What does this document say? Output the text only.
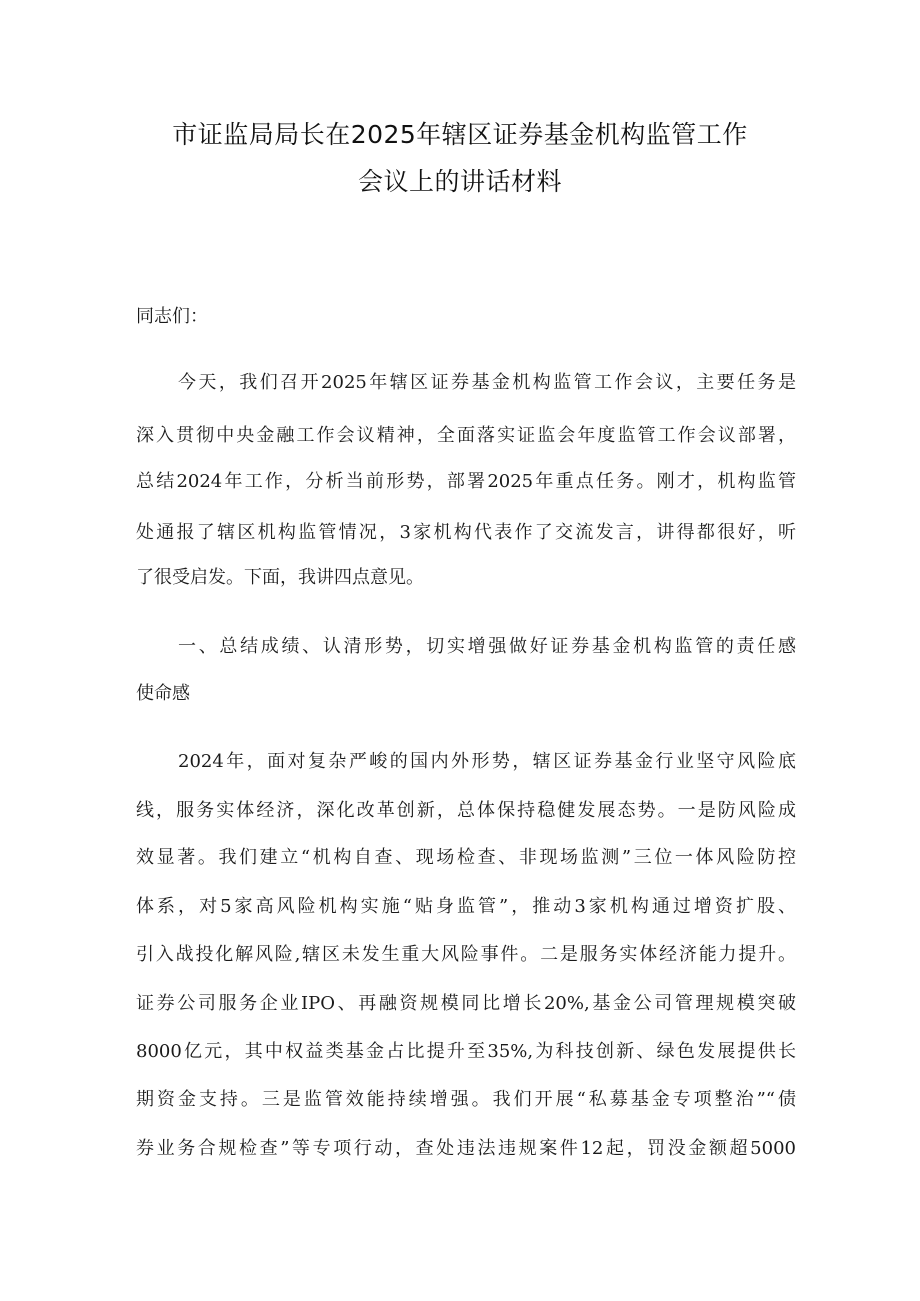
市证监局局长在2025年辖区证券基金机构监管工作
会议上的讲话材料
同志们：
今天，我们召开2025年辖区证券基金机构监管工作会议，主要任务是
深入贯彻中央金融工作会议精神，全面落实证监会年度监管工作会议部署，
总结2024年工作，分析当前形势，部署2025年重点任务。刚才，机构监管
处通报了辖区机构监管情况，3家机构代表作了交流发言，讲得都很好，听
了很受启发。下面，我讲四点意见。
一、总结成绩、认清形势，切实增强做好证券基金机构监管的责任感
使命感
2024年，面对复杂严峻的国内外形势，辖区证券基金行业坚守风险底
线，服务实体经济，深化改革创新，总体保持稳健发展态势。一是防风险成
效显著。我们建立“机构自查、现场检查、非现场监测”三位一体风险防控
体系，对5家高风险机构实施“贴身监管”，推动3家机构通过增资扩股、
引入战投化解风险,辖区未发生重大风险事件。二是服务实体经济能力提升。
证券公司服务企业IPO、再融资规模同比增长20%,基金公司管理规模突破
8000亿元，其中权益类基金占比提升至35%,为科技创新、绿色发展提供长
期资金支持。三是监管效能持续增强。我们开展“私募基金专项整治”“债
券业务合规检查”等专项行动，查处违法违规案件12起，罚没金额超5000
